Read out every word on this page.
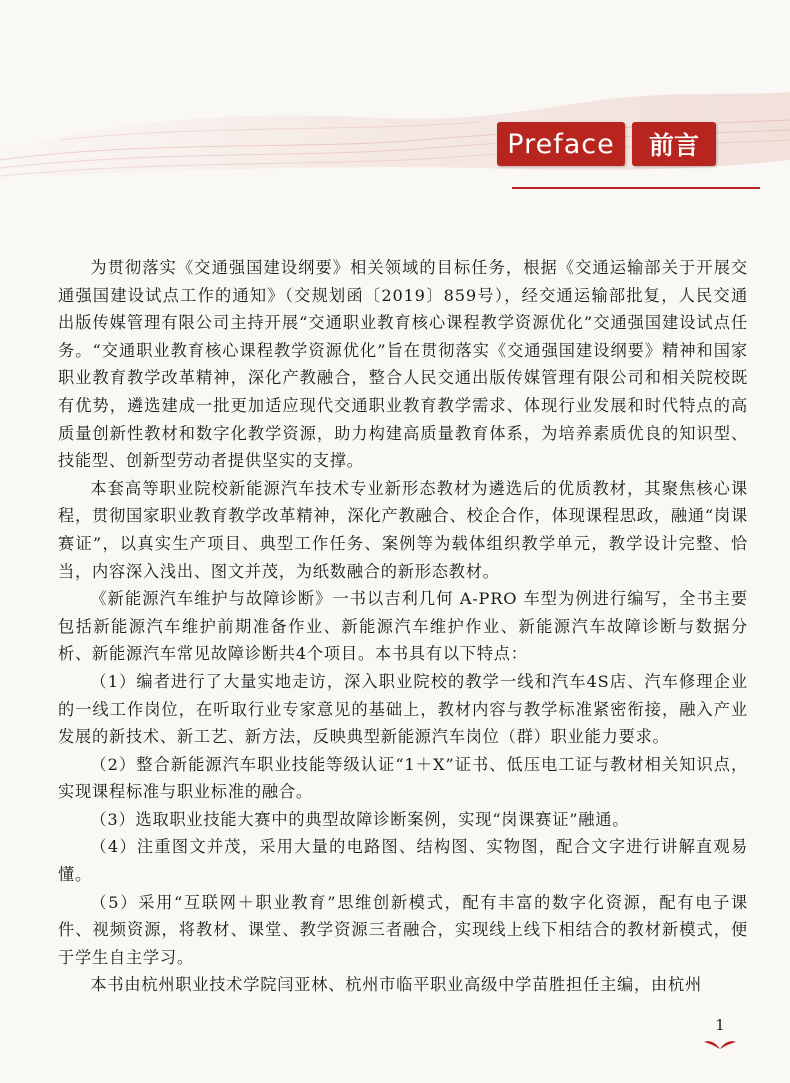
Preface	前言

为贯彻落实《交通强国建设纲要》相关领域的目标任务，根据《交通运输部关于开展交通强国建设试点工作的通知》（交规划函〔2019〕859号），经交通运输部批复，人民交通出版传媒管理有限公司主持开展“交通职业教育核心课程教学资源优化”交通强国建设试点任务。“交通职业教育核心课程教学资源优化”旨在贯彻落实《交通强国建设纲要》精神和国家职业教育教学改革精神，深化产教融合，整合人民交通出版传媒管理有限公司和相关院校既有优势，遴选建成一批更加适应现代交通职业教育教学需求、体现行业发展和时代特点的高质量创新性教材和数字化教学资源，助力构建高质量教育体系，为培养素质优良的知识型、技能型、创新型劳动者提供坚实的支撑。

本套高等职业院校新能源汽车技术专业新形态教材为遴选后的优质教材，其聚焦核心课程，贯彻国家职业教育教学改革精神，深化产教融合、校企合作，体现课程思政，融通“岗课赛证”，以真实生产项目、典型工作任务、案例等为载体组织教学单元，教学设计完整、恰当，内容深入浅出、图文并茂，为纸数融合的新形态教材。

《新能源汽车维护与故障诊断》一书以吉利几何 A-PRO 车型为例进行编写，全书主要包括新能源汽车维护前期准备作业、新能源汽车维护作业、新能源汽车故障诊断与数据分析、新能源汽车常见故障诊断共4个项目。本书具有以下特点：

（1）编者进行了大量实地走访，深入职业院校的教学一线和汽车4S店、汽车修理企业的一线工作岗位，在听取行业专家意见的基础上，教材内容与教学标准紧密衔接，融入产业发展的新技术、新工艺、新方法，反映典型新能源汽车岗位（群）职业能力要求。

（2）整合新能源汽车职业技能等级认证“1＋X”证书、低压电工证与教材相关知识点，实现课程标准与职业标准的融合。

（3）选取职业技能大赛中的典型故障诊断案例，实现“岗课赛证”融通。

（4）注重图文并茂，采用大量的电路图、结构图、实物图，配合文字进行讲解直观易懂。

（5）采用“互联网＋职业教育”思维创新模式，配有丰富的数字化资源，配有电子课件、视频资源，将教材、课堂、教学资源三者融合，实现线上线下相结合的教材新模式，便于学生自主学习。

本书由杭州职业技术学院闫亚林、杭州市临平职业高级中学苗胜担任主编，由杭州

1
